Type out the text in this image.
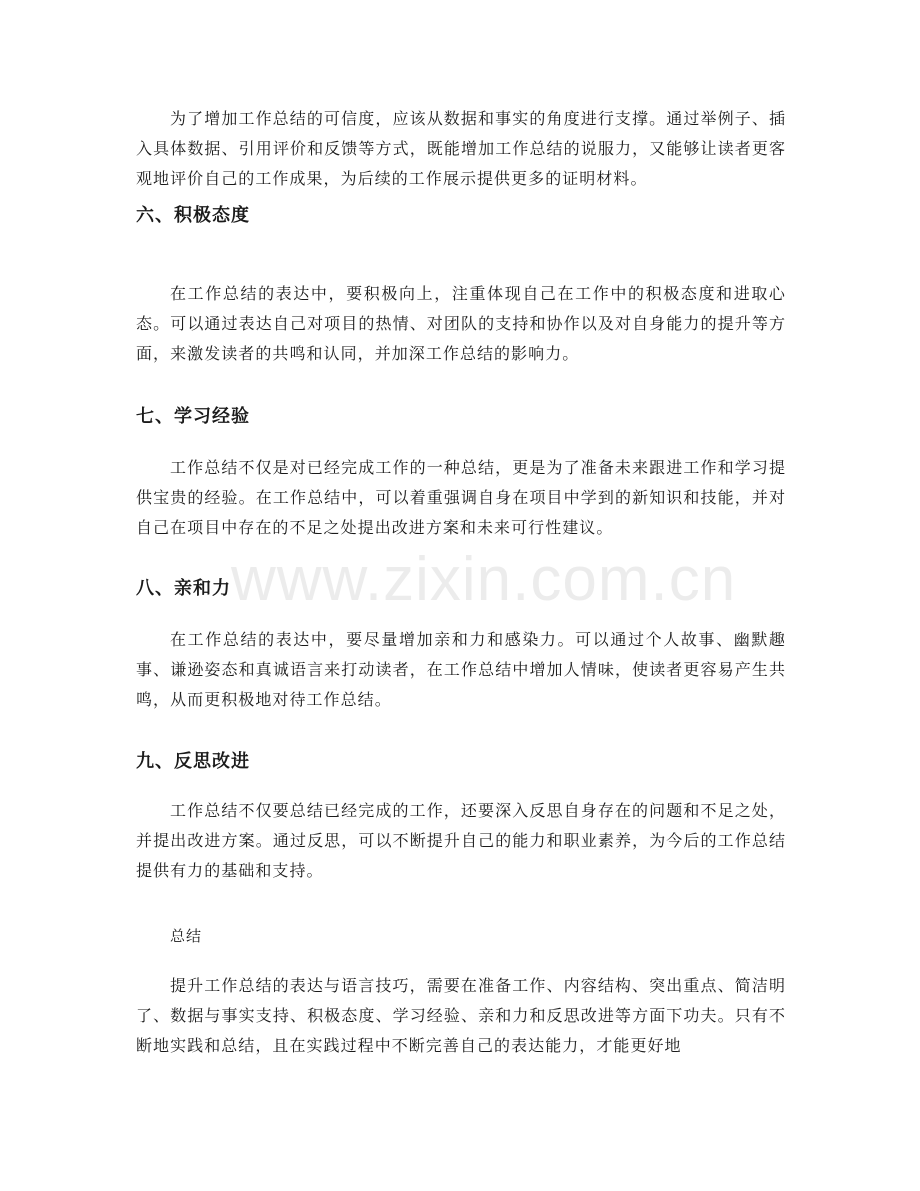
为了增加工作总结的可信度，应该从数据和事实的角度进行支撑。通过举例子、插入具体数据、引用评价和反馈等方式，既能增加工作总结的说服力，又能够让读者更客观地评价自己的工作成果，为后续的工作展示提供更多的证明材料。

六、积极态度

在工作总结的表达中，要积极向上，注重体现自己在工作中的积极态度和进取心态。可以通过表达自己对项目的热情、对团队的支持和协作以及对自身能力的提升等方面，来激发读者的共鸣和认同，并加深工作总结的影响力。

七、学习经验

工作总结不仅是对已经完成工作的一种总结，更是为了准备未来跟进工作和学习提供宝贵的经验。在工作总结中，可以着重强调自身在项目中学到的新知识和技能，并对自己在项目中存在的不足之处提出改进方案和未来可行性建议。

八、亲和力

在工作总结的表达中，要尽量增加亲和力和感染力。可以通过个人故事、幽默趣事、谦逊姿态和真诚语言来打动读者，在工作总结中增加人情味，使读者更容易产生共鸣，从而更积极地对待工作总结。

九、反思改进

工作总结不仅要总结已经完成的工作，还要深入反思自身存在的问题和不足之处，并提出改进方案。通过反思，可以不断提升自己的能力和职业素养，为今后的工作总结提供有力的基础和支持。

总结

提升工作总结的表达与语言技巧，需要在准备工作、内容结构、突出重点、简洁明了、数据与事实支持、积极态度、学习经验、亲和力和反思改进等方面下功夫。只有不断地实践和总结，且在实践过程中不断完善自己的表达能力，才能更好地

www.zixin.com.cn
